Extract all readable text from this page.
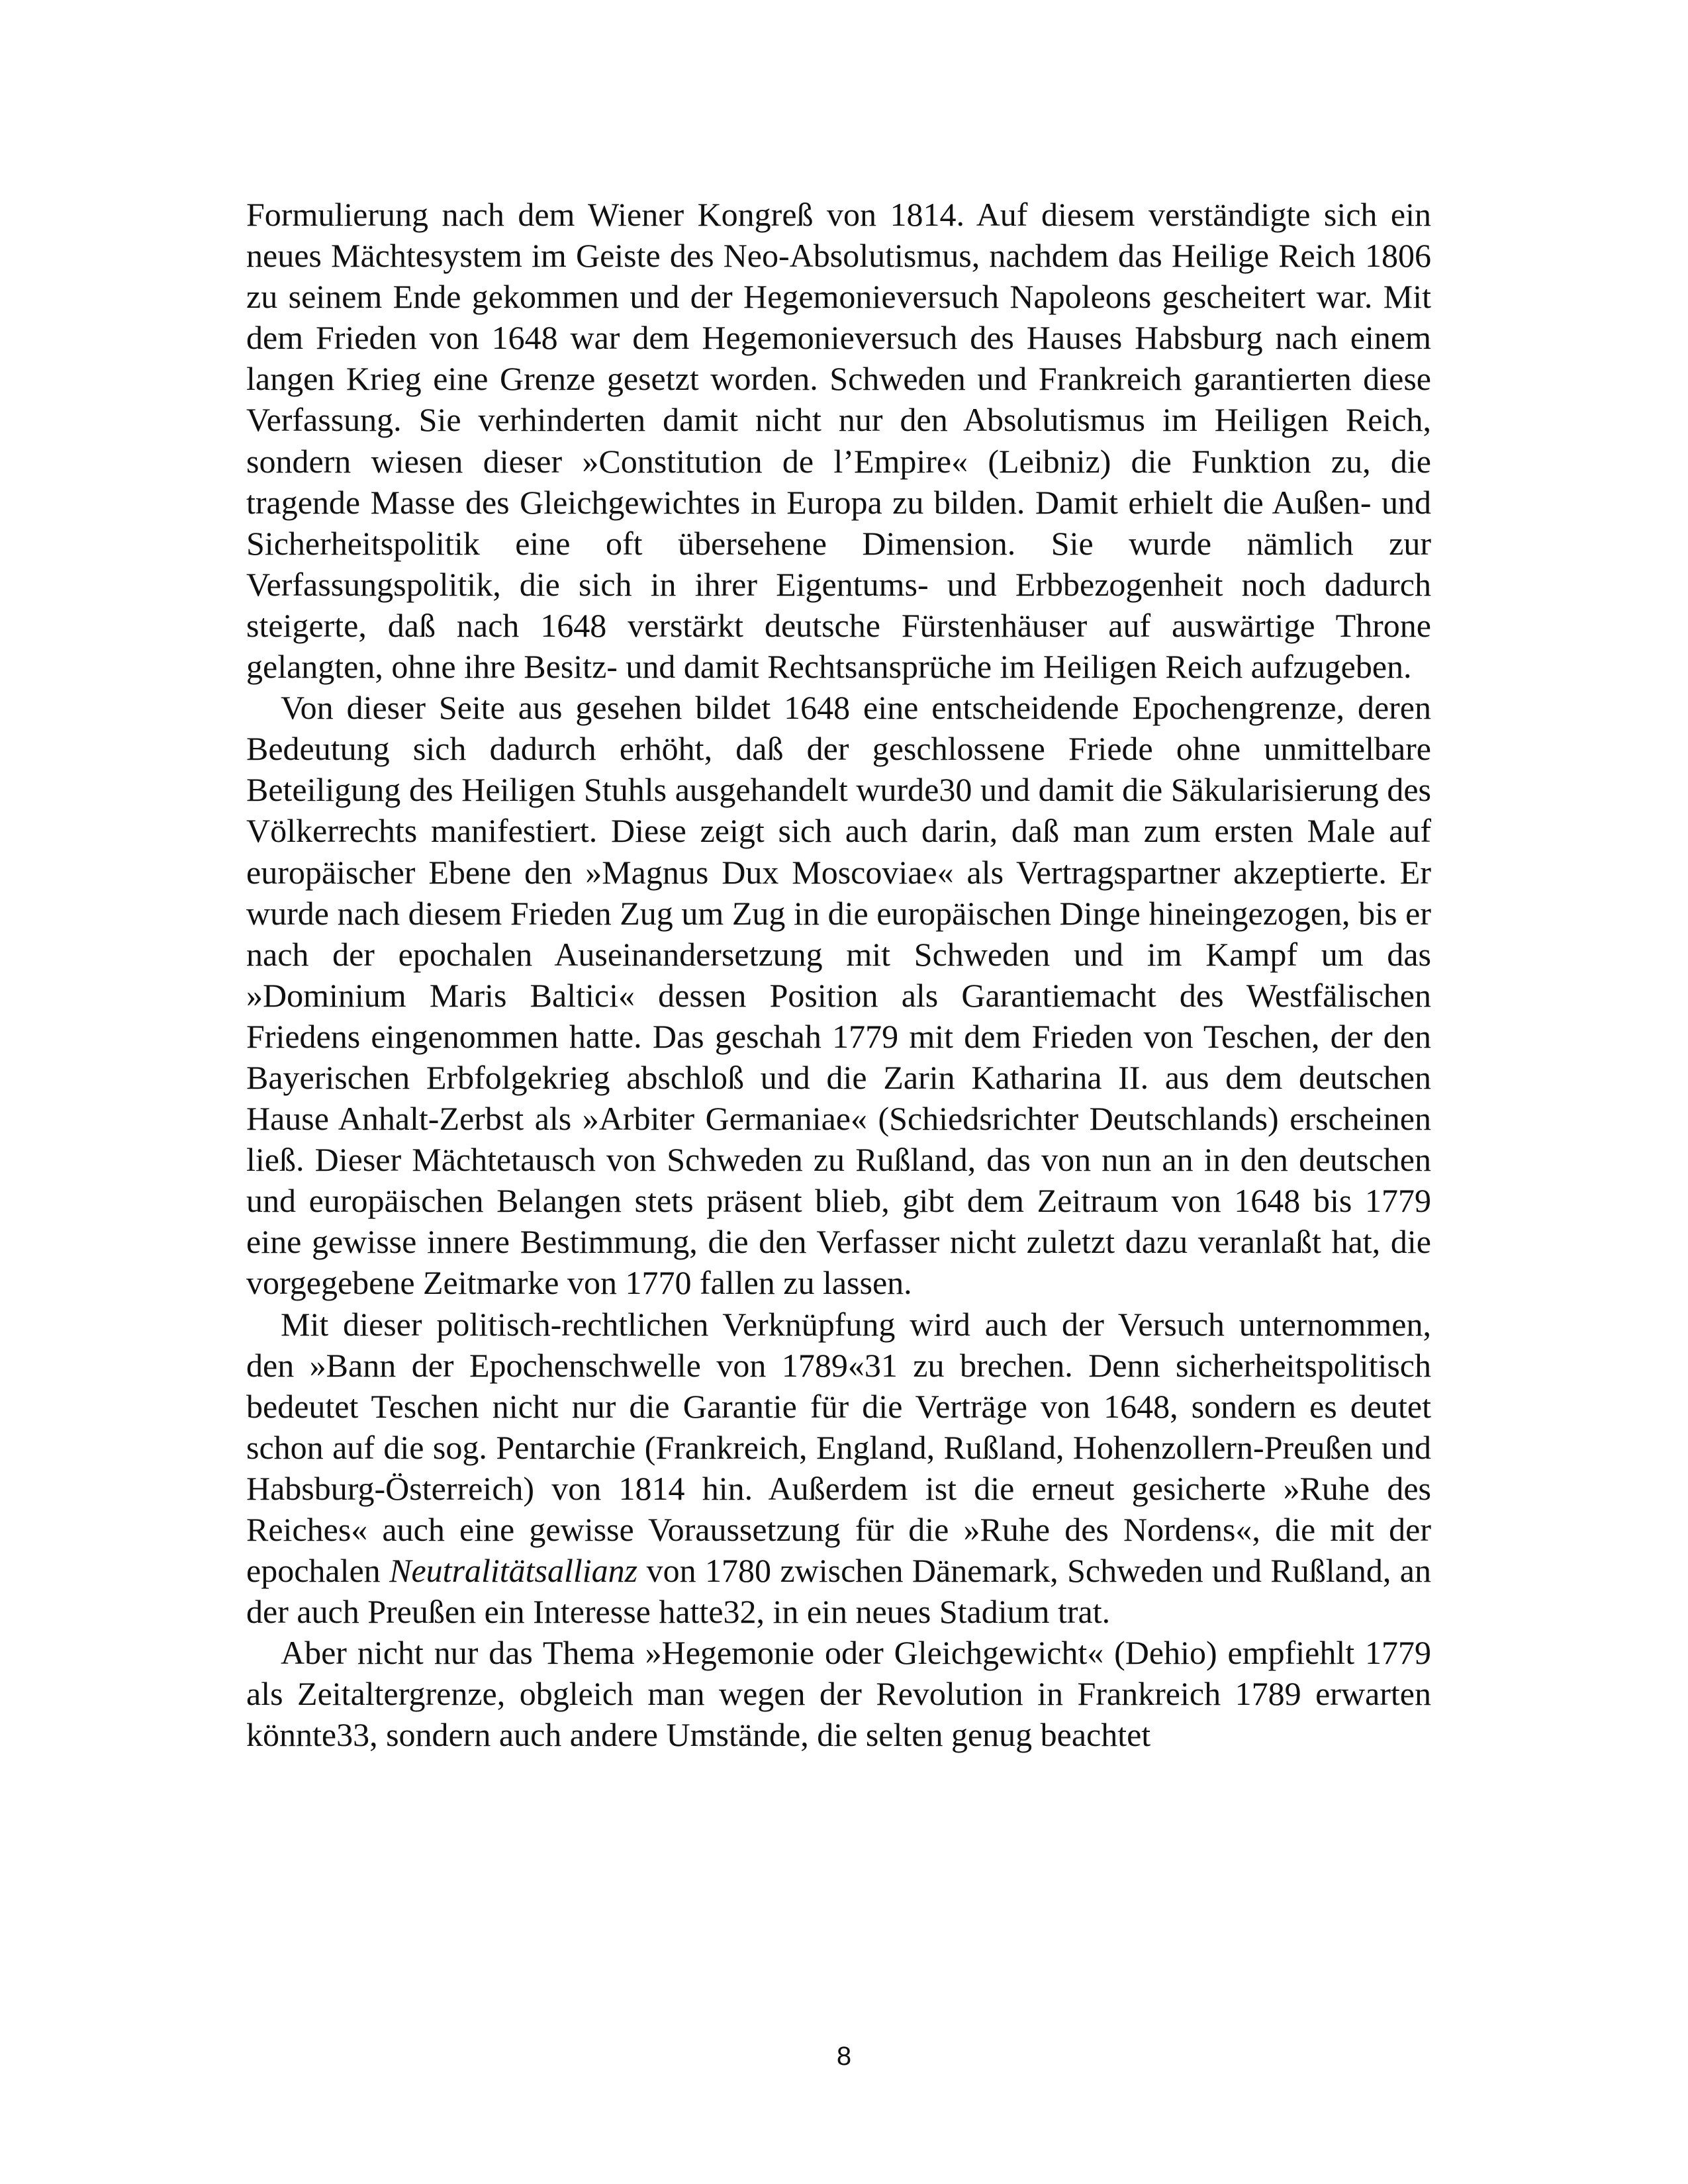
Formulierung nach dem Wiener Kongreß von 1814. Auf diesem verständigte sich ein neues Mächtesystem im Geiste des Neo-Absolutismus, nachdem das Heilige Reich 1806 zu seinem Ende gekommen und der Hegemonieversuch Napoleons gescheitert war. Mit dem Frieden von 1648 war dem Hegemonieversuch des Hauses Habsburg nach einem langen Krieg eine Grenze gesetzt worden. Schweden und Frankreich garantierten diese Verfassung. Sie verhinderten damit nicht nur den Absolutismus im Heiligen Reich, sondern wiesen dieser »Constitution de l’Empire« (Leibniz) die Funktion zu, die tragende Masse des Gleichgewichtes in Europa zu bilden. Damit erhielt die Außen- und Sicherheitspolitik eine oft übersehene Dimension. Sie wurde nämlich zur Verfassungspolitik, die sich in ihrer Eigentums- und Erbbezogenheit noch dadurch steigerte, daß nach 1648 verstärkt deutsche Fürstenhäuser auf auswärtige Throne gelangten, ohne ihre Besitz- und damit Rechtsansprüche im Heiligen Reich aufzugeben.

Von dieser Seite aus gesehen bildet 1648 eine entscheidende Epochengrenze, deren Bedeutung sich dadurch erhöht, daß der geschlossene Friede ohne unmittelbare Beteiligung des Heiligen Stuhls ausgehandelt wurde30 und damit die Säkularisierung des Völkerrechts manifestiert. Diese zeigt sich auch darin, daß man zum ersten Male auf europäischer Ebene den »Magnus Dux Moscoviae« als Vertragspartner akzeptierte. Er wurde nach diesem Frieden Zug um Zug in die europäischen Dinge hineingezogen, bis er nach der epochalen Auseinandersetzung mit Schweden und im Kampf um das »Dominium Maris Baltici« dessen Position als Garantiemacht des Westfälischen Friedens eingenommen hatte. Das geschah 1779 mit dem Frieden von Teschen, der den Bayerischen Erbfolgekrieg abschloß und die Zarin Katharina II. aus dem deutschen Hause Anhalt-Zerbst als »Arbiter Germaniae« (Schiedsrichter Deutschlands) erscheinen ließ. Dieser Mächtetausch von Schweden zu Rußland, das von nun an in den deutschen und europäischen Belangen stets präsent blieb, gibt dem Zeitraum von 1648 bis 1779 eine gewisse innere Bestimmung, die den Verfasser nicht zuletzt dazu veranlaßt hat, die vorgegebene Zeitmarke von 1770 fallen zu lassen.

Mit dieser politisch-rechtlichen Verknüpfung wird auch der Versuch unternommen, den »Bann der Epochenschwelle von 1789«31 zu brechen. Denn sicherheitspolitisch bedeutet Teschen nicht nur die Garantie für die Verträge von 1648, sondern es deutet schon auf die sog. Pentarchie (Frankreich, England, Rußland, Hohenzollern-Preußen und Habsburg-Österreich) von 1814 hin. Außerdem ist die erneut gesicherte »Ruhe des Reiches« auch eine gewisse Voraussetzung für die »Ruhe des Nordens«, die mit der epochalen Neutralitätsallianz von 1780 zwischen Dänemark, Schweden und Rußland, an der auch Preußen ein Interesse hatte32, in ein neues Stadium trat.

Aber nicht nur das Thema »Hegemonie oder Gleichgewicht« (Dehio) empfiehlt 1779 als Zeitaltergrenze, obgleich man wegen der Revolution in Frankreich 1789 erwarten könnte33, sondern auch andere Umstände, die selten genug beachtet

8
